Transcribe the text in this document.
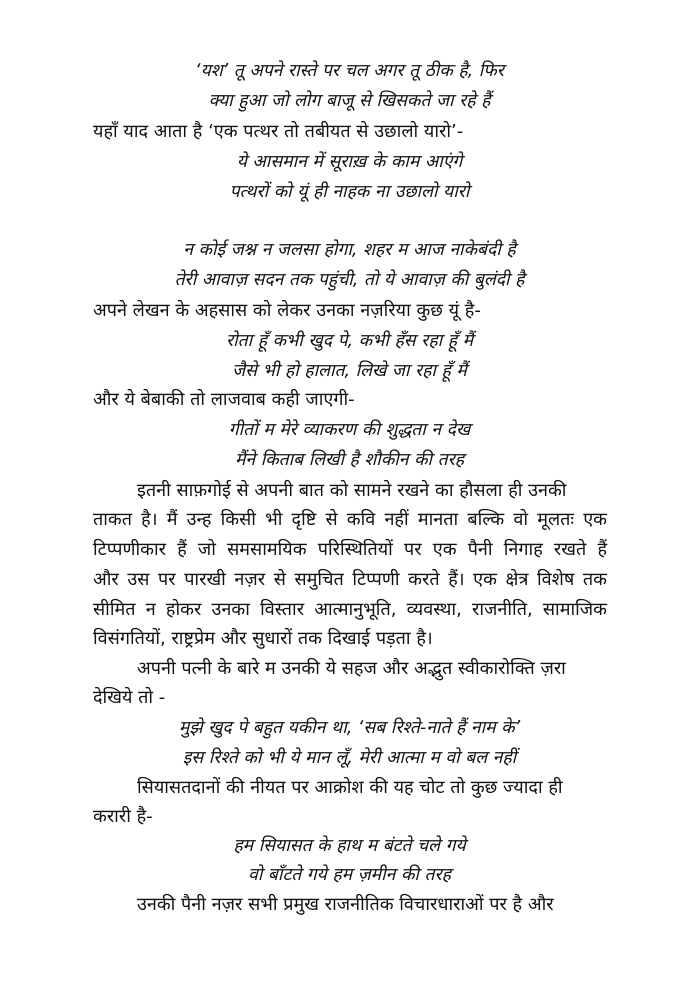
‘यश’ तू अपने रास्ते पर चल अगर तू ठीक है, फिर

क्या हुआ जो लोग बाजू से खिसकते जा रहे हैं

यहाँ याद आता है ‘एक पत्थर तो तबीयत से उछालो यारो’-

ये आसमान में सूराख़ के काम आएंगे

पत्थरों को यूं ही नाहक ना उछालो यारो

न कोई जश्न न जलसा होगा, शहर म आज नाकेबंदी है

तेरी आवाज़ सदन तक पहुंची, तो ये आवाज़ की बुलंदी है

अपने लेखन के अहसास को लेकर उनका नज़रिया कुछ यूं है-

रोता हूँ कभी खुद पे, कभी हँस रहा हूँ मैं

जैसे भी हो हालात, लिखे जा रहा हूँ मैं

और ये बेबाकी तो लाजवाब कही जाएगी-

गीतों म मेरे व्याकरण की शुद्धता न देख

मैंने किताब लिखी है शौकीन की तरह

इतनी साफ़गोई से अपनी बात को सामने रखने का हौसला ही उनकी

ताकत है। मैं उन्ह किसी भी दृष्टि से कवि नहीं मानता बल्कि वो मूलतः एक

टिप्पणीकार हैं जो समसामयिक परिस्थितियों पर एक पैनी निगाह रखते हैं

और उस पर पारखी नज़र से समुचित टिप्पणी करते हैं। एक क्षेत्र विशेष तक

सीमित न होकर उनका विस्तार आत्मानुभूति, व्यवस्था, राजनीति, सामाजिक

विसंगतियों, राष्ट्रप्रेम और सुधारों तक दिखाई पड़ता है।

अपनी पत्नी के बारे म उनकी ये सहज और अद्भुत स्वीकारोक्ति ज़रा

देखिये तो -

मुझे खुद पे बहुत यकीन था, ‘सब रिश्ते-नाते हैं नाम के’

इस रिश्ते को भी ये मान लूँ, मेरी आत्मा म वो बल नहीं

सियासतदानों की नीयत पर आक्रोश की यह चोट तो कुछ ज्यादा ही

करारी है-

हम सियासत के हाथ म बंटते चले गये

वो बाँटते गये हम ज़मीन की तरह

उनकी पैनी नज़र सभी प्रमुख राजनीतिक विचारधाराओं पर है और
